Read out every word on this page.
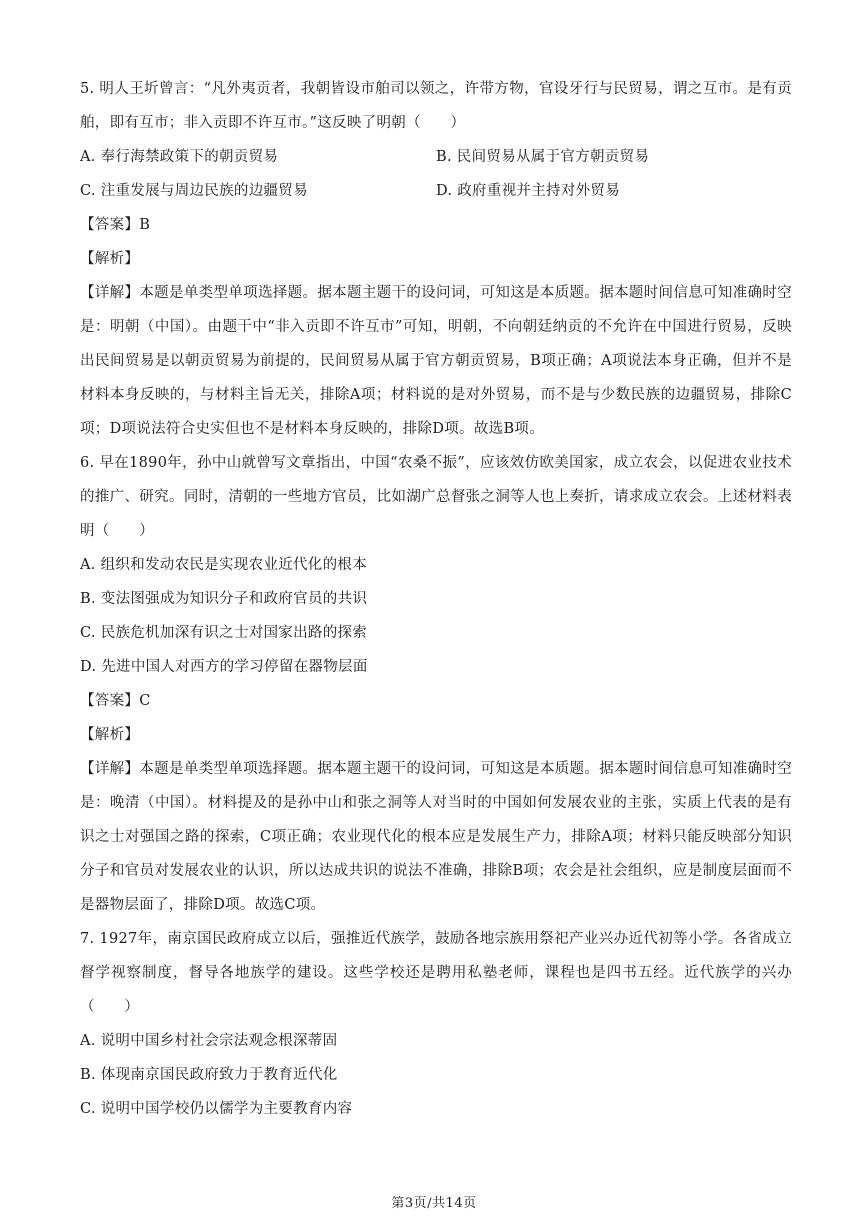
5. 明人王圻曾言：“凡外夷贡者，我朝皆设市舶司以领之，许带方物，官设牙行与民贸易，谓之互市。是有贡舶，即有互市；非入贡即不许互市。”这反映了明朝（　　）

A. 奉行海禁政策下的朝贡贸易	B. 民间贸易从属于官方朝贡贸易
C. 注重发展与周边民族的边疆贸易	D. 政府重视并主持对外贸易

【答案】B

【解析】

【详解】本题是单类型单项选择题。据本题主题干的设问词，可知这是本质题。据本题时间信息可知准确时空是：明朝（中国）。由题干中“非入贡即不许互市”可知，明朝，不向朝廷纳贡的不允许在中国进行贸易，反映出民间贸易是以朝贡贸易为前提的，民间贸易从属于官方朝贡贸易，B项正确；A项说法本身正确，但并不是材料本身反映的，与材料主旨无关，排除A项；材料说的是对外贸易，而不是与少数民族的边疆贸易，排除C项；D项说法符合史实但也不是材料本身反映的，排除D项。故选B项。

6. 早在1890年，孙中山就曾写文章指出，中国“农桑不振”，应该效仿欧美国家，成立农会，以促进农业技术的推广、研究。同时，清朝的一些地方官员，比如湖广总督张之洞等人也上奏折，请求成立农会。上述材料表明（　　）

A. 组织和发动农民是实现农业近代化的根本
B. 变法图强成为知识分子和政府官员的共识
C. 民族危机加深有识之士对国家出路的探索
D. 先进中国人对西方的学习停留在器物层面

【答案】C

【解析】

【详解】本题是单类型单项选择题。据本题主题干的设问词，可知这是本质题。据本题时间信息可知准确时空是：晚清（中国）。材料提及的是孙中山和张之洞等人对当时的中国如何发展农业的主张，实质上代表的是有识之士对强国之路的探索，C项正确；农业现代化的根本应是发展生产力，排除A项；材料只能反映部分知识分子和官员对发展农业的认识，所以达成共识的说法不准确，排除B项；农会是社会组织，应是制度层面而不是器物层面了，排除D项。故选C项。

7. 1927年，南京国民政府成立以后，强推近代族学，鼓励各地宗族用祭祀产业兴办近代初等小学。各省成立督学视察制度，督导各地族学的建设。这些学校还是聘用私塾老师，课程也是四书五经。近代族学的兴办（　　）

A. 说明中国乡村社会宗法观念根深蒂固
B. 体现南京国民政府致力于教育近代化
C. 说明中国学校仍以儒学为主要教育内容
第3页/共14页
